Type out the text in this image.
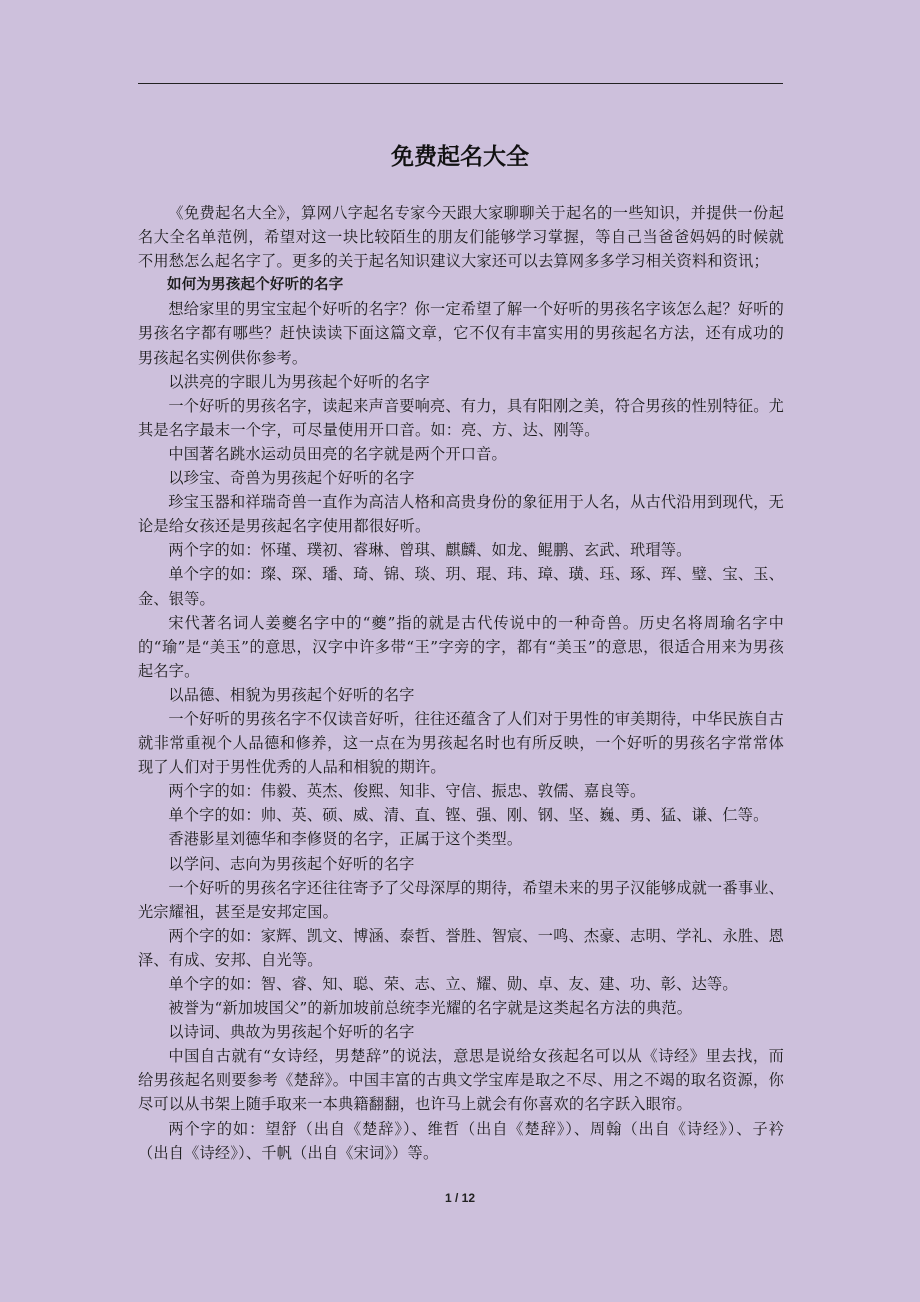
免费起名大全

《免费起名大全》，算网八字起名专家今天跟大家聊聊关于起名的一些知识，并提供一份起名大全名单范例，希望对这一块比较陌生的朋友们能够学习掌握，等自己当爸爸妈妈的时候就不用愁怎么起名字了。更多的关于起名知识建议大家还可以去算网多多学习相关资料和资讯；

如何为男孩起个好听的名字

想给家里的男宝宝起个好听的名字？你一定希望了解一个好听的男孩名字该怎么起？好听的男孩名字都有哪些？赶快读读下面这篇文章，它不仅有丰富实用的男孩起名方法，还有成功的男孩起名实例供你参考。

以洪亮的字眼儿为男孩起个好听的名字

一个好听的男孩名字，读起来声音要响亮、有力，具有阳刚之美，符合男孩的性别特征。尤其是名字最末一个字，可尽量使用开口音。如：亮、方、达、刚等。

中国著名跳水运动员田亮的名字就是两个开口音。

以珍宝、奇兽为男孩起个好听的名字

珍宝玉器和祥瑞奇兽一直作为高洁人格和高贵身份的象征用于人名，从古代沿用到现代，无论是给女孩还是男孩起名字使用都很好听。

两个字的如：怀瑾、璞初、睿琳、曾琪、麒麟、如龙、鲲鹏、玄武、玳瑁等。

单个字的如：璨、琛、璠、琦、锦、琰、玥、琨、玮、璋、璜、珏、琢、珲、璧、宝、玉、金、银等。

宋代著名词人姜夔名字中的“夔”指的就是古代传说中的一种奇兽。历史名将周瑜名字中的“瑜”是“美玉”的意思，汉字中许多带“王”字旁的字，都有“美玉”的意思，很适合用来为男孩起名字。

以品德、相貌为男孩起个好听的名字

一个好听的男孩名字不仅读音好听，往往还蕴含了人们对于男性的审美期待，中华民族自古就非常重视个人品德和修养，这一点在为男孩起名时也有所反映，一个好听的男孩名字常常体现了人们对于男性优秀的人品和相貌的期许。

两个字的如：伟毅、英杰、俊熙、知非、守信、振忠、敦儒、嘉良等。

单个字的如：帅、英、硕、威、清、直、铿、强、刚、钢、坚、巍、勇、猛、谦、仁等。

香港影星刘德华和李修贤的名字，正属于这个类型。

以学问、志向为男孩起个好听的名字

一个好听的男孩名字还往往寄予了父母深厚的期待，希望未来的男子汉能够成就一番事业、光宗耀祖，甚至是安邦定国。

两个字的如：家辉、凯文、博涵、泰哲、誉胜、智宸、一鸣、杰豪、志明、学礼、永胜、恩泽、有成、安邦、自光等。

单个字的如：智、睿、知、聪、荣、志、立、耀、勋、卓、友、建、功、彰、达等。

被誉为“新加坡国父”的新加坡前总统李光耀的名字就是这类起名方法的典范。

以诗词、典故为男孩起个好听的名字

中国自古就有“女诗经，男楚辞”的说法，意思是说给女孩起名可以从《诗经》里去找，而给男孩起名则要参考《楚辞》。中国丰富的古典文学宝库是取之不尽、用之不竭的取名资源，你尽可以从书架上随手取来一本典籍翻翻，也许马上就会有你喜欢的名字跃入眼帘。

两个字的如：望舒（出自《楚辞》）、维哲（出自《楚辞》）、周翰（出自《诗经》）、子衿（出自《诗经》）、千帆（出自《宋词》）等。

1 / 12
